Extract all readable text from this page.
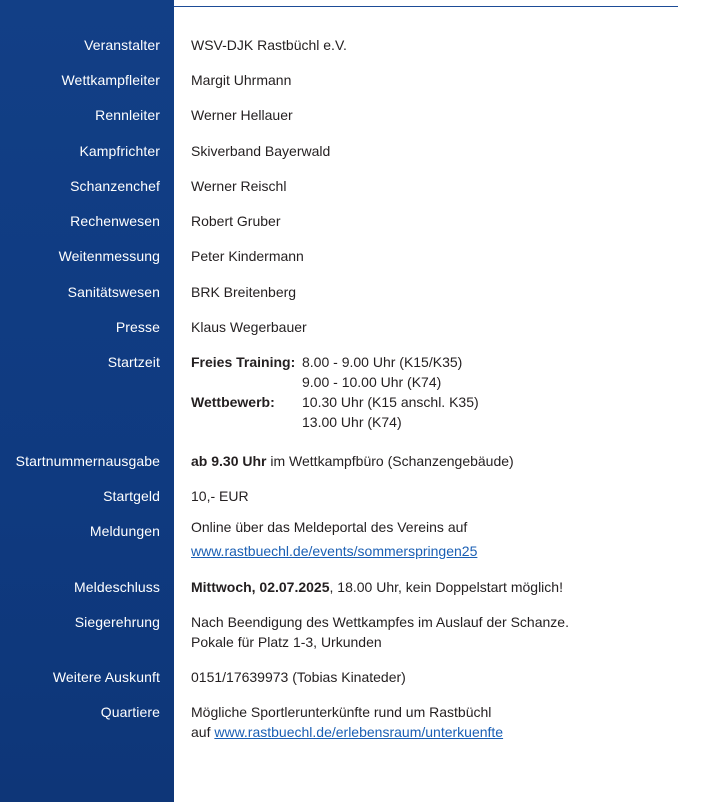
Veranstalter WSV-DJK Rastbüchl e.V.
Wettkampfleiter Margit Uhrmann
Rennleiter Werner Hellauer
Kampfrichter Skiverband Bayerwald
Schanzenchef Werner Reischl
Rechenwesen Robert Gruber
Weitenmessung Peter Kindermann
Sanitätswesen BRK Breitenberg
Presse Klaus Wegerbauer
Startzeit Freies Training: 8.00 - 9.00 Uhr (K15/K35)
9.00 - 10.00 Uhr (K74)
Wettbewerb: 10.30 Uhr (K15 anschl. K35)
13.00 Uhr (K74)
Startnummernausgabe ab 9.30 Uhr im Wettkampfbüro (Schanzengebäude)
Startgeld 10,- EUR
Meldungen Online über das Meldeportal des Vereins auf
www.rastbuechl.de/events/sommerspringen25
Meldeschluss Mittwoch, 02.07.2025, 18.00 Uhr, kein Doppelstart möglich!
Siegerehrung Nach Beendigung des Wettkampfes im Auslauf der Schanze.
Pokale für Platz 1-3, Urkunden
Weitere Auskunft 0151/17639973 (Tobias Kinateder)
Quartiere Mögliche Sportlerunterkünfte rund um Rastbüchl
auf www.rastbuechl.de/erlebensraum/unterkuenfte
